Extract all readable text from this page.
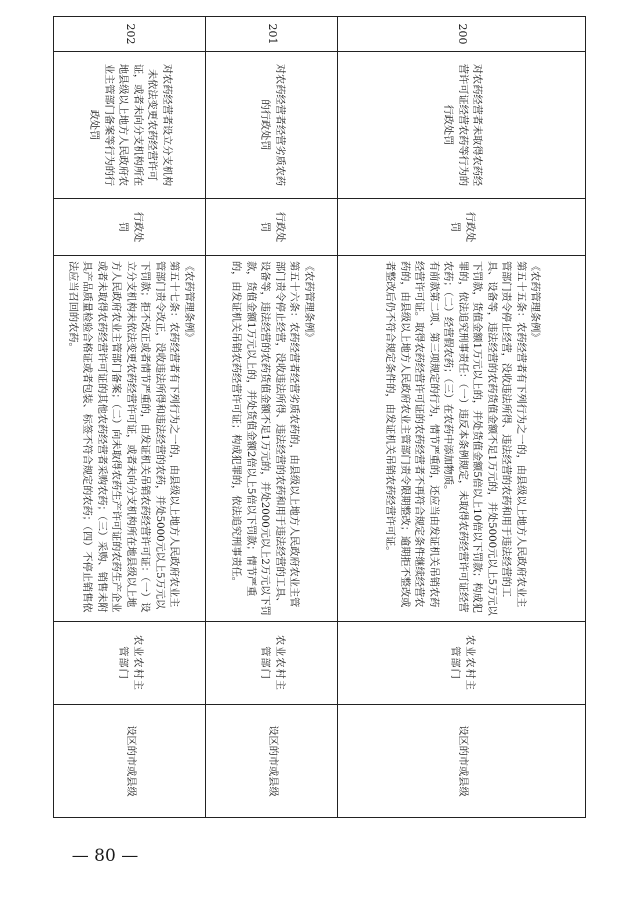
200	对农药经营者未取得农药经营许可证经营农药等行为的行政处罚	行政处罚	《农药管理条例》

第五十五条：农药经营者有下列行为之一的，由县级以上地方人民政府农业主管部门责令停止经营，没收违法所得、违法经营的农药和用于违法经营的工具、设备等，违法经营的农药货值金额不足1万元的，并处5000元以上5万元以下罚款，货值金额1万元以上的，并处货值金额5倍以上10倍以下罚款；构成犯罪的，依法追究刑事责任：（一）违反本条例规定，未取得农药经营许可证经营农药；（二）经营假农药；（三）在农药中添加物质。

有前款第二项、第三项规定的行为，情节严重的，还应当由发证机关吊销农药经营许可证。取得农药经营许可证的农药经营者不再符合规定条件继续经营农药的，由县级以上地方人民政府农业主管部门责令限期整改；逾期拒不整改或者整改后仍不符合规定条件的，由发证机关吊销农药经营许可证。	农业农村主管部门	设区的市或县级
201	对农药经营者经营劣质农药的行政处罚	行政处罚	《农药管理条例》

第五十六条：农药经营者经营劣质农药的，由县级以上地方人民政府农业主管部门责令停止经营，没收违法所得、违法经营的农药和用于违法经营的工具、设备等，违法经营的农药货值金额不足1万元的，并处2000元以上2万元以下罚款，货值金额1万元以上的，并处货值金额2倍以上5倍以下罚款；情节严重的，由发证机关吊销农药经营许可证；构成犯罪的，依法追究刑事责任。	农业农村主管部门	设区的市或县级
202	对农药经营者设立分支机构未依法变更农药经营许可证，或者未向分支机构所在地县级以上地方人民政府农业主管部门备案等行为的行政处罚	行政处罚	《农药管理条例》

第五十七条：农药经营者有下列行为之一的，由县级以上地方人民政府农业主管部门责令改正，没收违法所得和违法经营的农药，并处5000元以上5万元以下罚款；拒不改正或者情节严重的，由发证机关吊销农药经营许可证：（一）设立分支机构未依法变更农药经营许可证，或者未向分支机构所在地县级以上地方人民政府农业主管部门备案；（二）向未取得农药生产许可证的农药生产企业或者未取得农药经营许可证的其他农药经营者采购农药；（三）采购、销售未附具产品质量检验合格证或者包装、标签不符合规定的农药；（四）不停止销售依法应当召回的农药。	农业农村主管部门	设区的市或县级
— 80 —
